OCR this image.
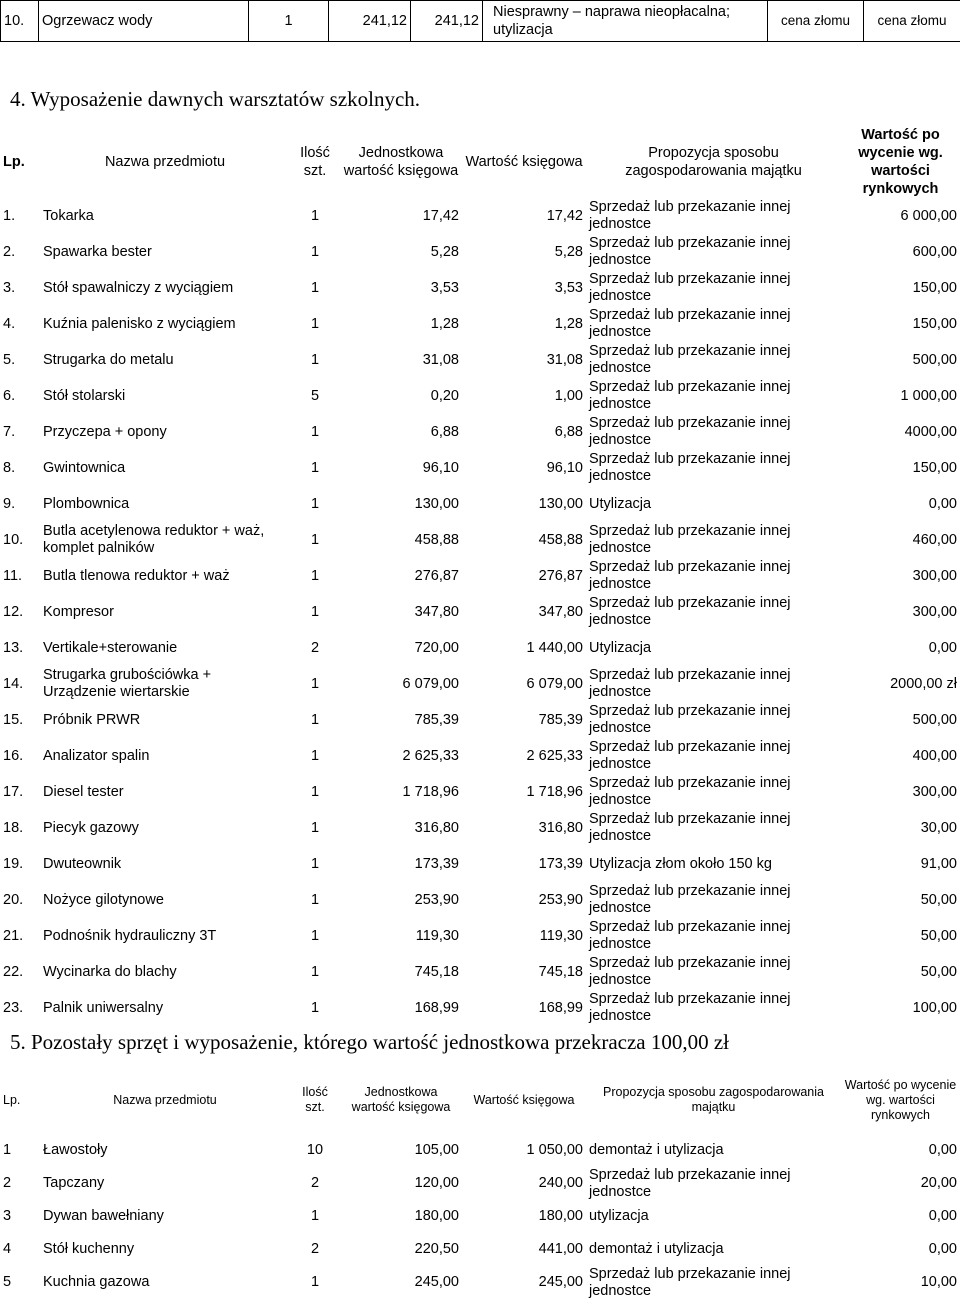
10.	Ogrzewacz wody	1	241,12	241,12	Niesprawny – naprawa nieopłacalna; utylizacja	cena złomu	cena złomu
4. Wyposażenie dawnych warsztatów szkolnych.
Lp.	Nazwa przedmiotu	Ilość szt.	Jednostkowa wartość księgowa	Wartość księgowa	Propozycja sposobu zagospodarowania majątku	Wartość po wycenie wg. wartości rynkowych
1.	Tokarka	1	17,42	17,42	Sprzedaż lub przekazanie innej jednostce	6 000,00
2.	Spawarka bester	1	5,28	5,28	Sprzedaż lub przekazanie innej jednostce	600,00
3.	Stół spawalniczy z wyciągiem	1	3,53	3,53	Sprzedaż lub przekazanie innej jednostce	150,00
4.	Kuźnia palenisko z wyciągiem	1	1,28	1,28	Sprzedaż lub przekazanie innej jednostce	150,00
5.	Strugarka do metalu	1	31,08	31,08	Sprzedaż lub przekazanie innej jednostce	500,00
6.	Stół stolarski	5	0,20	1,00	Sprzedaż lub przekazanie innej jednostce	1 000,00
7.	Przyczepa + opony	1	6,88	6,88	Sprzedaż lub przekazanie innej jednostce	4000,00
8.	Gwintownica	1	96,10	96,10	Sprzedaż lub przekazanie innej jednostce	150,00
9.	Plombownica	1	130,00	130,00	Utylizacja	0,00
10.	Butla acetylenowa reduktor + waż, komplet palników	1	458,88	458,88	Sprzedaż lub przekazanie innej jednostce	460,00
11.	Butla tlenowa reduktor + waż	1	276,87	276,87	Sprzedaż lub przekazanie innej jednostce	300,00
12.	Kompresor	1	347,80	347,80	Sprzedaż lub przekazanie innej jednostce	300,00
13.	Vertikale+sterowanie	2	720,00	1 440,00	Utylizacja	0,00
14.	Strugarka grubościówka + Urządzenie wiertarskie	1	6 079,00	6 079,00	Sprzedaż lub przekazanie innej jednostce	2000,00 zł
15.	Próbnik PRWR	1	785,39	785,39	Sprzedaż lub przekazanie innej jednostce	500,00
16.	Analizator spalin	1	2 625,33	2 625,33	Sprzedaż lub przekazanie innej jednostce	400,00
17.	Diesel tester	1	1 718,96	1 718,96	Sprzedaż lub przekazanie innej jednostce	300,00
18.	Piecyk gazowy	1	316,80	316,80	Sprzedaż lub przekazanie innej jednostce	30,00
19.	Dwuteownik	1	173,39	173,39	Utylizacja złom około 150 kg	91,00
20.	Nożyce gilotynowe	1	253,90	253,90	Sprzedaż lub przekazanie innej jednostce	50,00
21.	Podnośnik hydrauliczny 3T	1	119,30	119,30	Sprzedaż lub przekazanie innej jednostce	50,00
22.	Wycinarka do blachy	1	745,18	745,18	Sprzedaż lub przekazanie innej jednostce	50,00
23.	Palnik uniwersalny	1	168,99	168,99	Sprzedaż lub przekazanie innej jednostce	100,00
5. Pozostały sprzęt i wyposażenie, którego wartość jednostkowa przekracza 100,00 zł
Lp.	Nazwa przedmiotu	Ilość szt.	Jednostkowa wartość księgowa	Wartość księgowa	Propozycja sposobu zagospodarowania majątku	Wartość po wycenie wg. wartości rynkowych
1	Ławostoły	10	105,00	1 050,00	demontaż i utylizacja	0,00
2	Tapczany	2	120,00	240,00	Sprzedaż lub przekazanie innej jednostce	20,00
3	Dywan bawełniany	1	180,00	180,00	utylizacja	0,00
4	Stół kuchenny	2	220,50	441,00	demontaż i utylizacja	0,00
5	Kuchnia gazowa	1	245,00	245,00	Sprzedaż lub przekazanie innej jednostce	10,00
